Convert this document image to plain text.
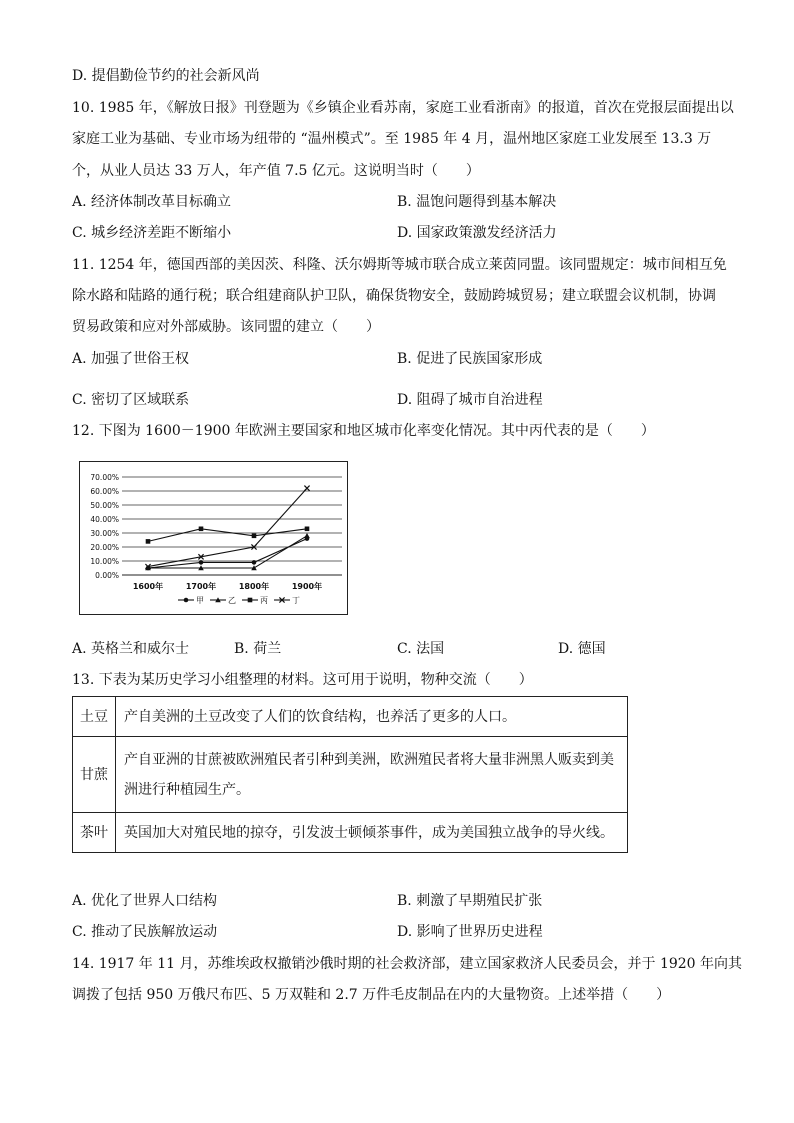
D. 提倡勤俭节约的社会新风尚
10. 1985 年，《解放日报》刊登题为《乡镇企业看苏南，家庭工业看浙南》的报道，首次在党报层面提出以
家庭工业为基础、专业市场为纽带的 “温州模式”。至 1985 年 4 月，温州地区家庭工业发展至 13.3 万
个，从业人员达 33 万人，年产值 7.5 亿元。这说明当时（　　）
A. 经济体制改革目标确立	B. 温饱问题得到基本解决
C. 城乡经济差距不断缩小	D. 国家政策激发经济活力
11. 1254 年，德国西部的美因茨、科隆、沃尔姆斯等城市联合成立莱茵同盟。该同盟规定：城市间相互免
除水路和陆路的通行税；联合组建商队护卫队，确保货物安全，鼓励跨城贸易；建立联盟会议机制，协调
贸易政策和应对外部威胁。该同盟的建立（　　）
A. 加强了世俗王权	B. 促进了民族国家形成
C. 密切了区域联系	D. 阻碍了城市自治进程
12. 下图为 1600－1900 年欧洲主要国家和地区城市化率变化情况。其中丙代表的是（　　）
70.00%
60.00%
50.00%
40.00%
30.00%
20.00%
10.00%
0.00%
1600年	1700年	1800年	1900年
甲	乙	丙	丁
A. 英格兰和威尔士	B. 荷兰	C. 法国	D. 德国
13. 下表为某历史学习小组整理的材料。这可用于说明，物种交流（　　）
土豆	产自美洲的土豆改变了人们的饮食结构，也养活了更多的人口。
甘蔗	产自亚洲的甘蔗被欧洲殖民者引种到美洲，欧洲殖民者将大量非洲黑人贩卖到美
洲进行种植园生产。

茶叶	英国加大对殖民地的掠夺，引发波士顿倾茶事件，成为美国独立战争的导火线。
A. 优化了世界人口结构	B. 刺激了早期殖民扩张
C. 推动了民族解放运动	D. 影响了世界历史进程
14. 1917 年 11 月，苏维埃政权撤销沙俄时期的社会救济部，建立国家救济人民委员会，并于 1920 年向其
调拨了包括 950 万俄尺布匹、5 万双鞋和 2.7 万件毛皮制品在内的大量物资。上述举措（　　）
